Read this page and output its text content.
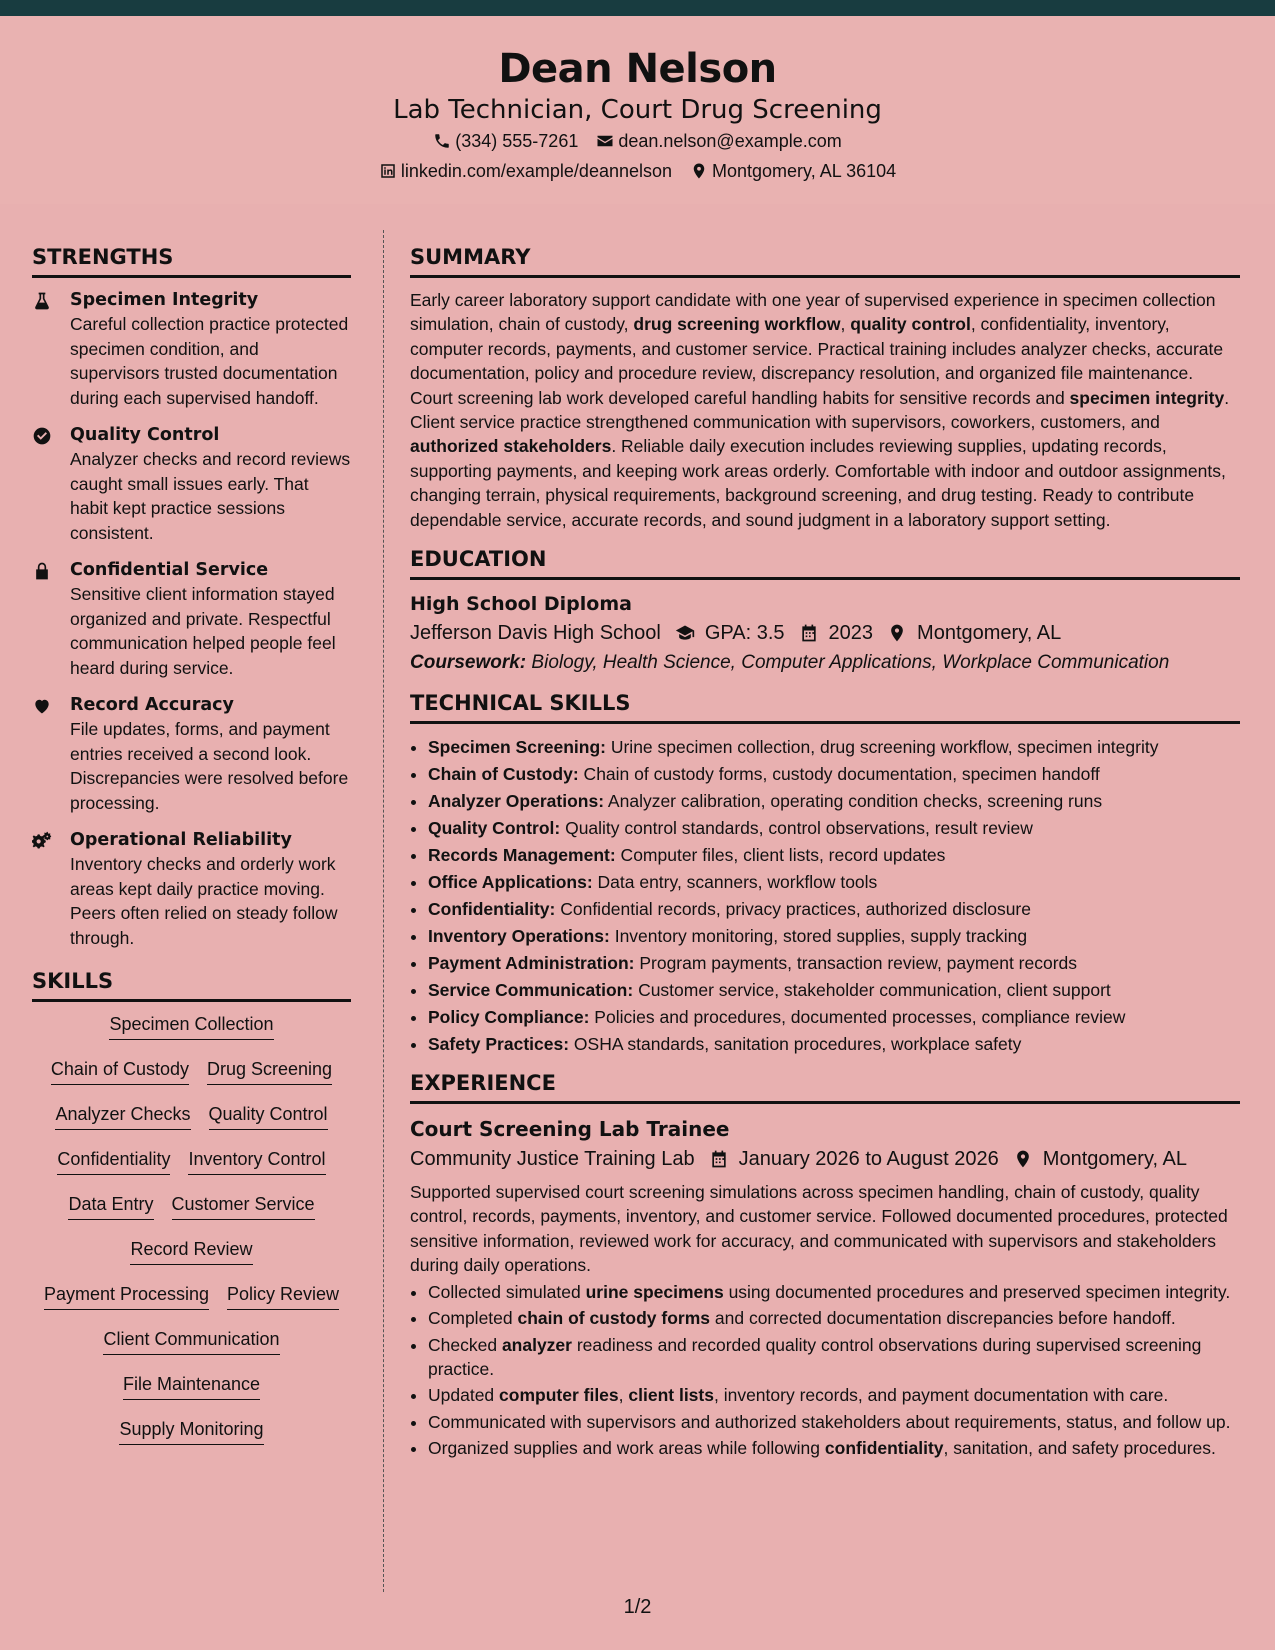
Dean Nelson
Lab Technician, Court Drug Screening
(334) 555-7261 dean.nelson@example.com
linkedin.com/example/deannelson Montgomery, AL 36104
STRENGTHS
Specimen Integrity
Careful collection practice protected specimen condition, and supervisors trusted documentation during each supervised handoff.
Quality Control
Analyzer checks and record reviews caught small issues early. That habit kept practice sessions consistent.
Confidential Service
Sensitive client information stayed organized and private. Respectful communication helped people feel heard during service.
Record Accuracy
File updates, forms, and payment entries received a second look. Discrepancies were resolved before processing.
Operational Reliability
Inventory checks and orderly work areas kept daily practice moving. Peers often relied on steady follow through.
SKILLS
Specimen Collection
Chain of Custody Drug Screening
Analyzer Checks Quality Control
Confidentiality Inventory Control
Data Entry Customer Service
Record Review
Payment Processing Policy Review
Client Communication
File Maintenance
Supply Monitoring
SUMMARY

Early career laboratory support candidate with one year of supervised experience in specimen collection simulation, chain of custody, drug screening workflow, quality control, confidentiality, inventory, computer records, payments, and customer service. Practical training includes analyzer checks, accurate documentation, policy and procedure review, discrepancy resolution, and organized file maintenance. Court screening lab work developed careful handling habits for sensitive records and specimen integrity. Client service practice strengthened communication with supervisors, coworkers, customers, and authorized stakeholders. Reliable daily execution includes reviewing supplies, updating records, supporting payments, and keeping work areas orderly. Comfortable with indoor and outdoor assignments, changing terrain, physical requirements, background screening, and drug testing. Ready to contribute dependable service, accurate records, and sound judgment in a laboratory support setting.

EDUCATION
High School Diploma
Jefferson Davis High School GPA: 3.5 2023 Montgomery, AL
Coursework: Biology, Health Science, Computer Applications, Workplace Communication
TECHNICAL SKILLS
• Specimen Screening: Urine specimen collection, drug screening workflow, specimen integrity
• Chain of Custody: Chain of custody forms, custody documentation, specimen handoff
• Analyzer Operations: Analyzer calibration, operating condition checks, screening runs
• Quality Control: Quality control standards, control observations, result review
• Records Management: Computer files, client lists, record updates
• Office Applications: Data entry, scanners, workflow tools
• Confidentiality: Confidential records, privacy practices, authorized disclosure
• Inventory Operations: Inventory monitoring, stored supplies, supply tracking
• Payment Administration: Program payments, transaction review, payment records
• Service Communication: Customer service, stakeholder communication, client support
• Policy Compliance: Policies and procedures, documented processes, compliance review
• Safety Practices: OSHA standards, sanitation procedures, workplace safety
EXPERIENCE
Court Screening Lab Trainee
Community Justice Training Lab January 2026 to August 2026 Montgomery, AL

Supported supervised court screening simulations across specimen handling, chain of custody, quality control, records, payments, inventory, and customer service. Followed documented procedures, protected sensitive information, reviewed work for accuracy, and communicated with supervisors and stakeholders during daily operations.

• Collected simulated urine specimens using documented procedures and preserved specimen integrity.
• Completed chain of custody forms and corrected documentation discrepancies before handoff.
• Checked analyzer readiness and recorded quality control observations during supervised screening practice.
• Updated computer files, client lists, inventory records, and payment documentation with care.
• Communicated with supervisors and authorized stakeholders about requirements, status, and follow up.
• Organized supplies and work areas while following confidentiality, sanitation, and safety procedures.
1/2
